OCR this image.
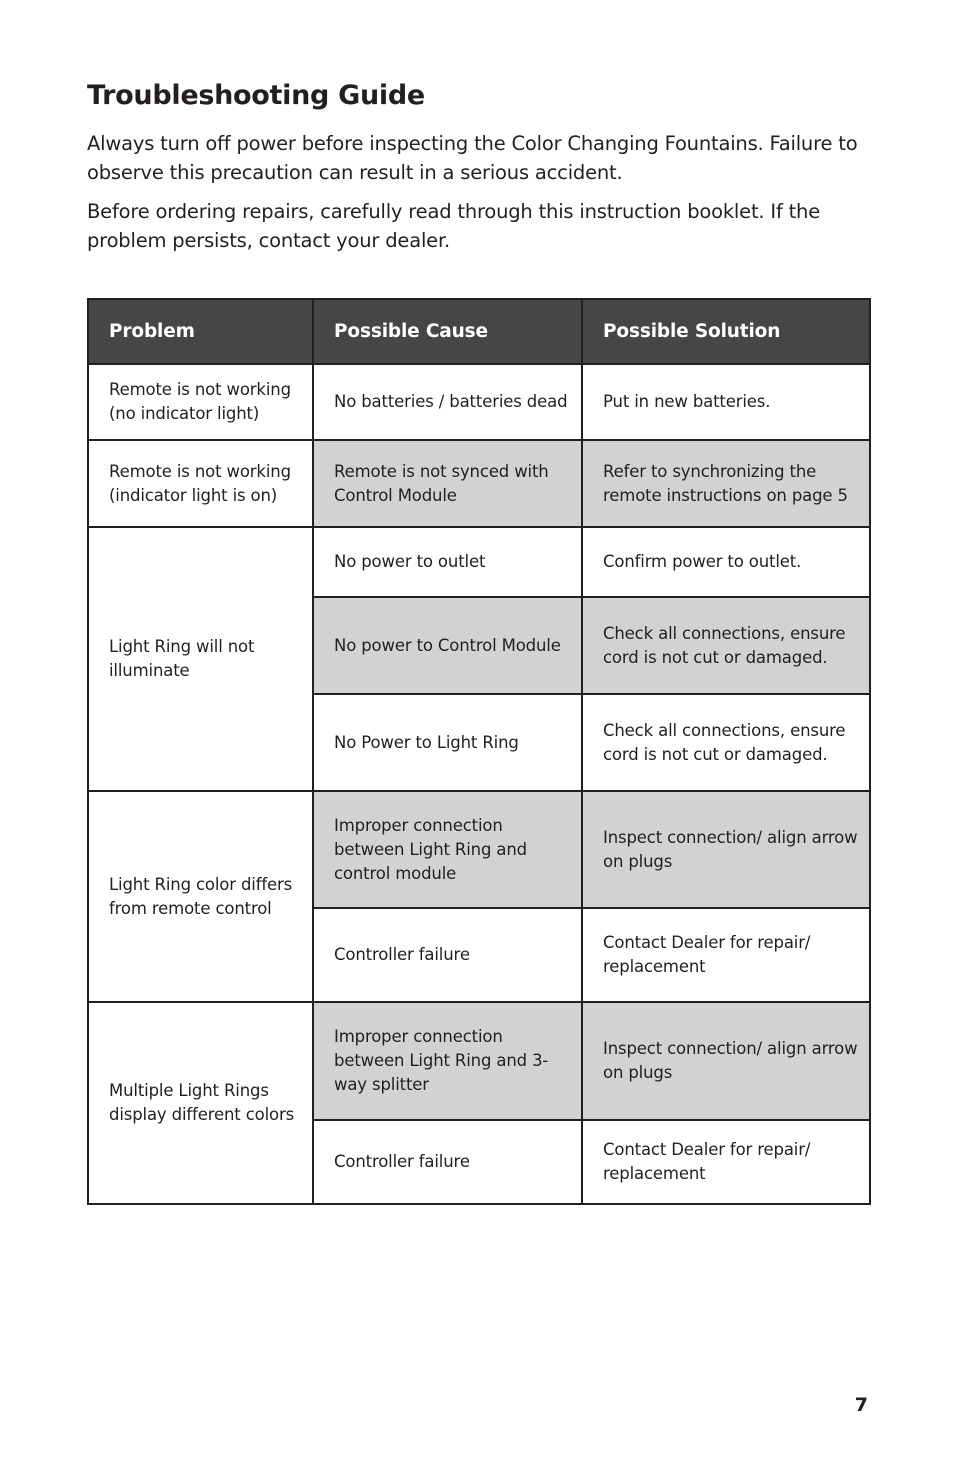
Troubleshooting Guide

Always turn off power before inspecting the Color Changing Fountains. Failure to observe this precaution can result in a serious accident.

Before ordering repairs, carefully read through this instruction booklet. If the problem persists, contact your dealer.

Problem	Possible Cause	Possible Solution
Remote is not working (no indicator light)	No batteries / batteries dead	Put in new batteries.
Remote is not working (indicator light is on)	Remote is not synced with Control Module	Refer to synchronizing the remote instructions on page 5
Light Ring will not illuminate	No power to outlet	Confirm power to outlet.
	No power to Control Module	Check all connections, ensure cord is not cut or damaged.
	No Power to Light Ring	Check all connections, ensure cord is not cut or damaged.
Light Ring color differs from remote control	Improper connection between Light Ring and control module	Inspect connection/ align arrow on plugs
	Controller failure	Contact Dealer for repair/ replacement
Multiple Light Rings display different colors	Improper connection between Light Ring and 3-way splitter	Inspect connection/ align arrow on plugs
	Controller failure	Contact Dealer for repair/ replacement
7
